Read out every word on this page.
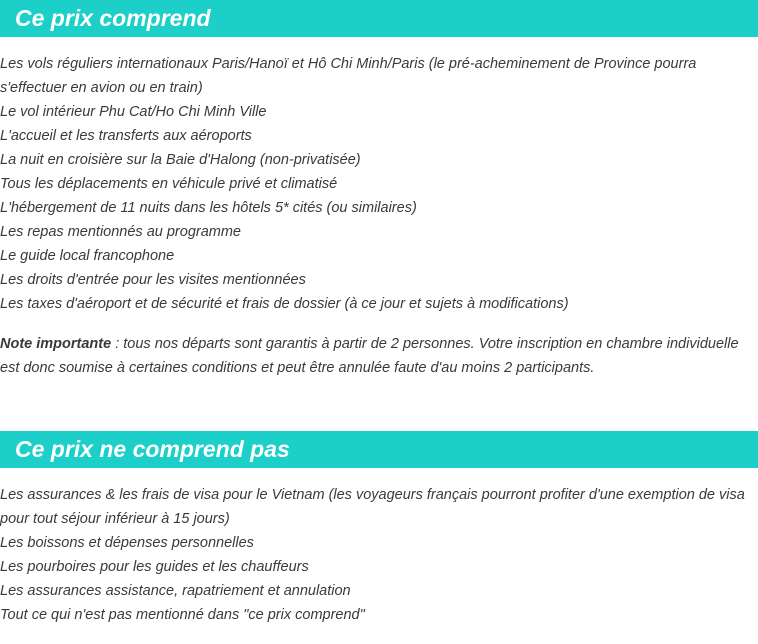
Ce prix comprend
Les vols réguliers internationaux Paris/Hanoï et Hô Chi Minh/Paris (le pré-acheminement de Province pourra s'effectuer en avion ou en train)
Le vol intérieur Phu Cat/Ho Chi Minh Ville
L'accueil et les transferts aux aéroports
La nuit en croisière sur la Baie d'Halong (non-privatisée)
Tous les déplacements en véhicule privé et climatisé
L'hébergement de 11 nuits dans les hôtels 5* cités (ou similaires)
Les repas mentionnés au programme
Le guide local francophone
Les droits d'entrée pour les visites mentionnées
Les taxes d'aéroport et de sécurité et frais de dossier (à ce jour et sujets à modifications)

Note importante : tous nos départs sont garantis à partir de 2 personnes. Votre inscription en chambre individuelle est donc soumise à certaines conditions et peut être annulée faute d'au moins 2 participants.

Ce prix ne comprend pas
Les assurances & les frais de visa pour le Vietnam (les voyageurs français pourront profiter d'une exemption de visa pour tout séjour inférieur à 15 jours)
Les boissons et dépenses personnelles
Les pourboires pour les guides et les chauffeurs
Les assurances assistance, rapatriement et annulation
Tout ce qui n'est pas mentionné dans "ce prix comprend"
